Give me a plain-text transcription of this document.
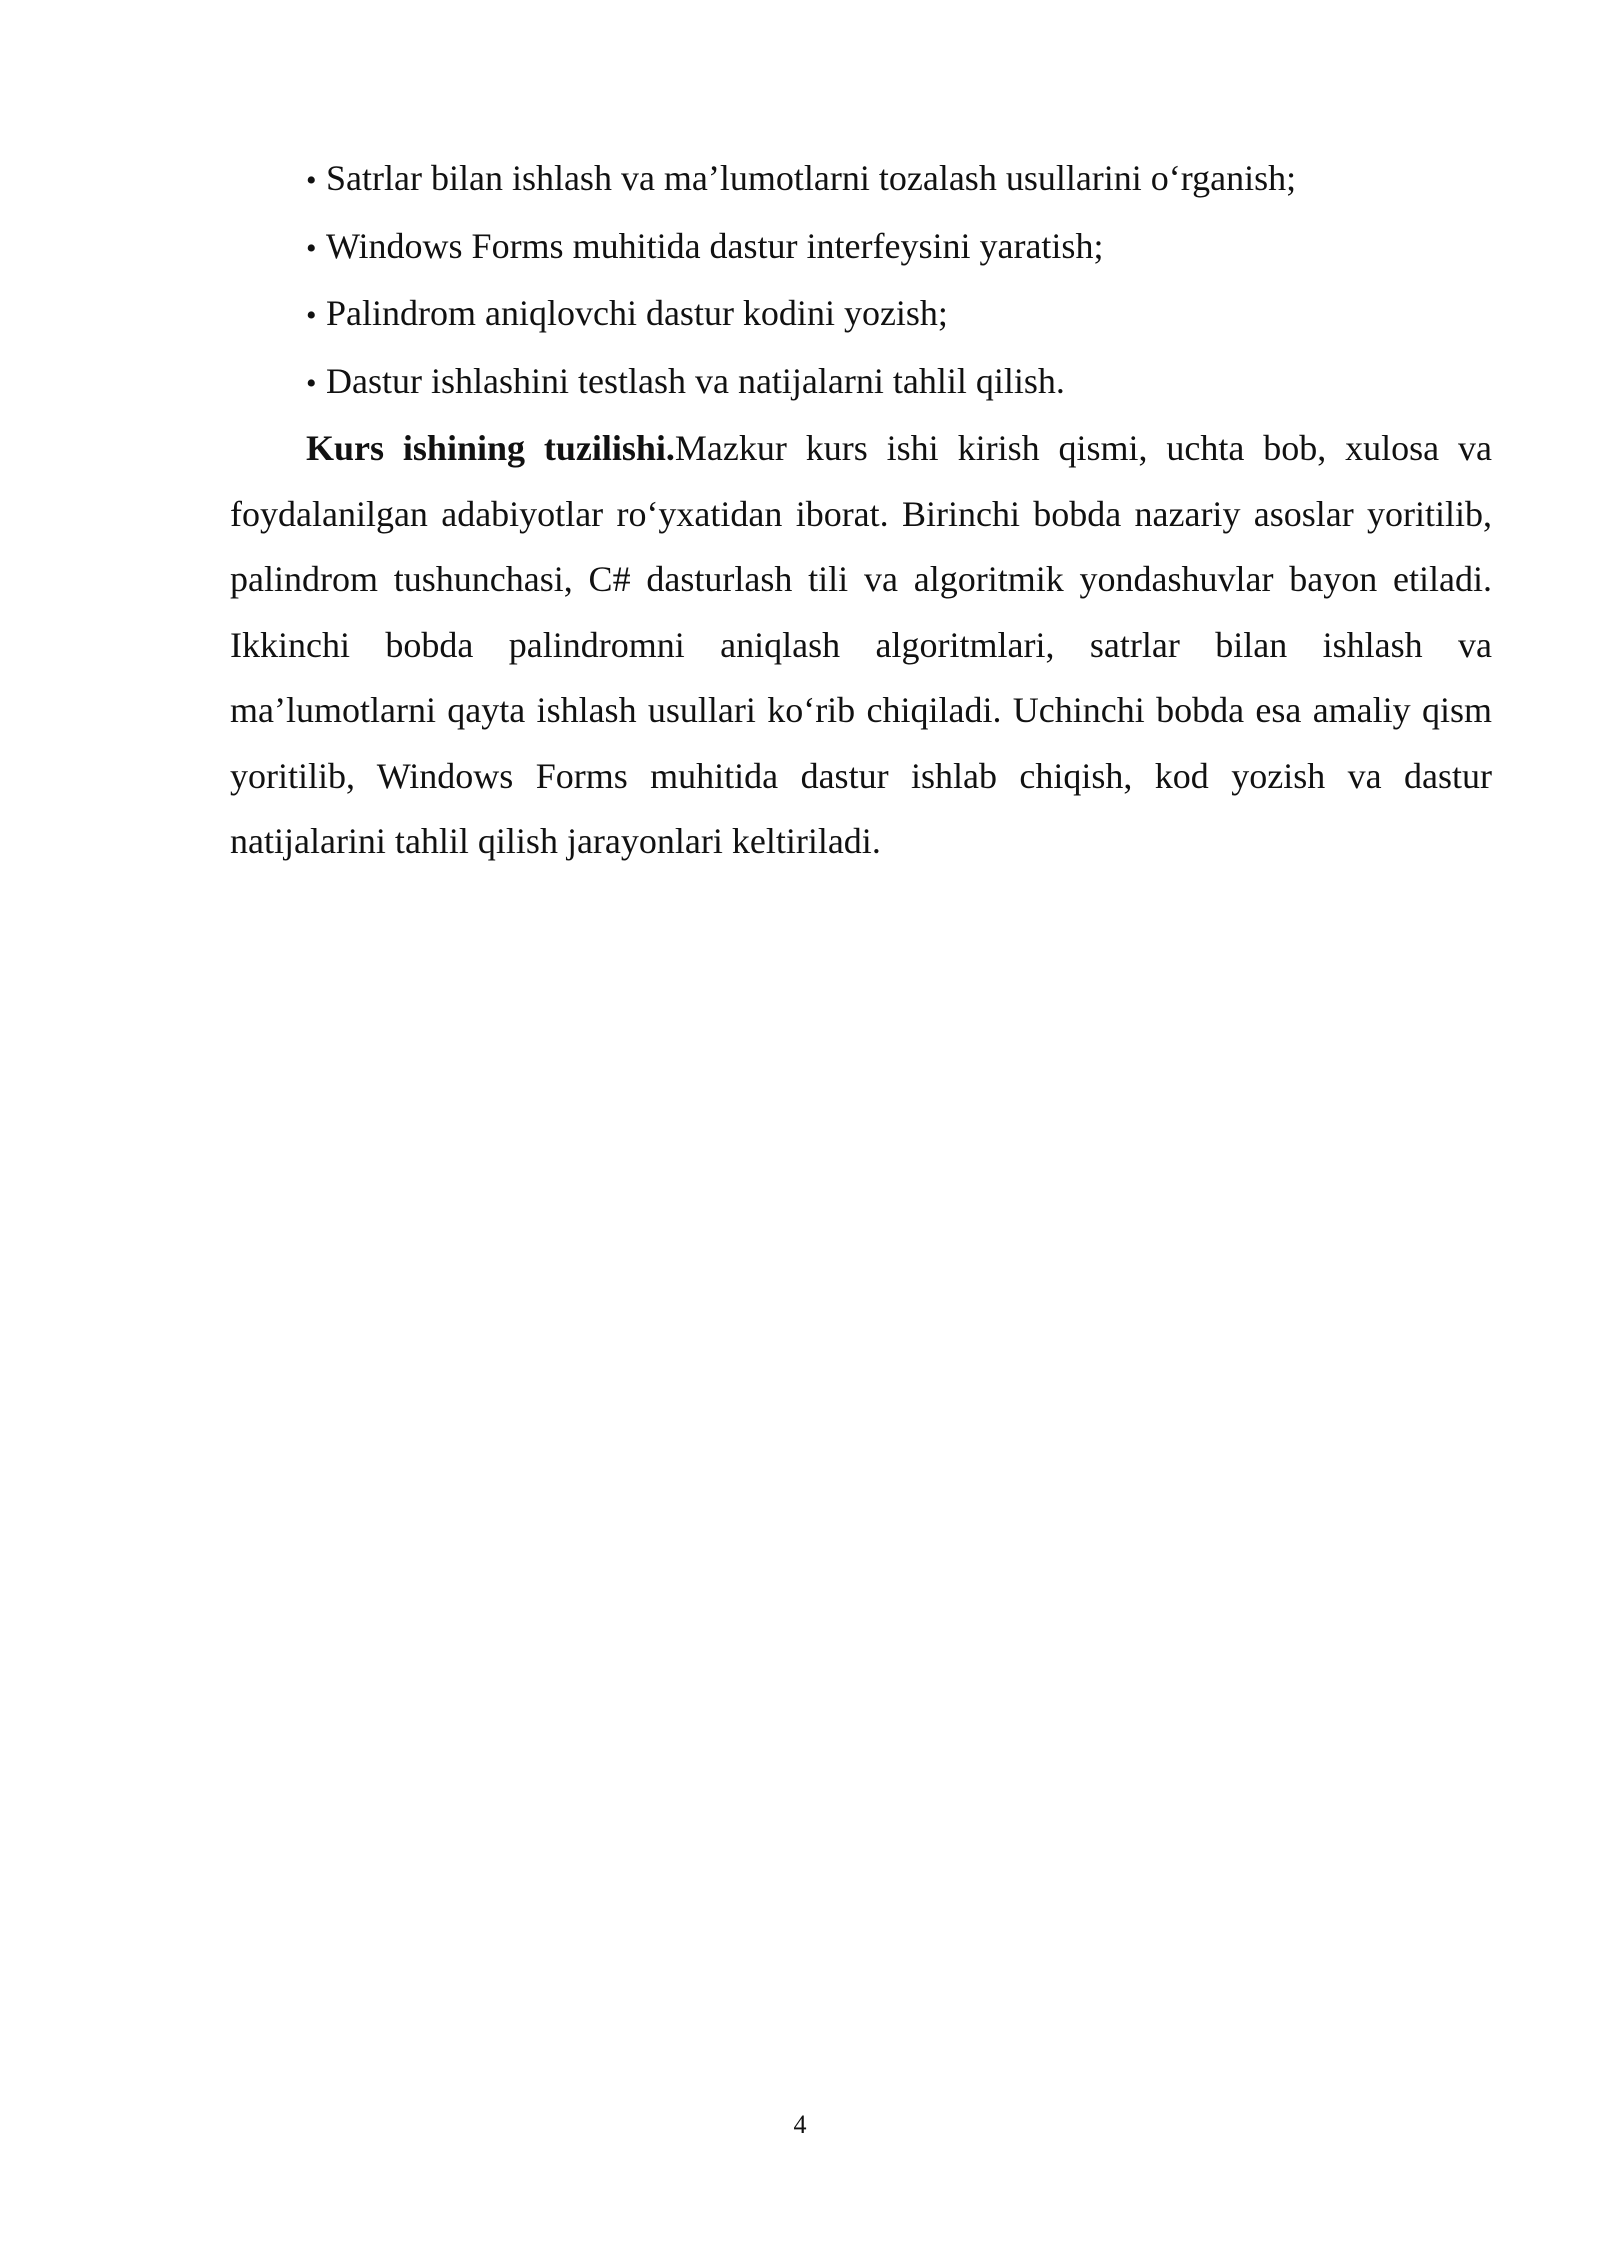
• Satrlar bilan ishlash va ma’lumotlarni tozalash usullarini o‘rganish;
• Windows Forms muhitida dastur interfeysini yaratish;
• Palindrom aniqlovchi dastur kodini yozish;
• Dastur ishlashini testlash va natijalarni tahlil qilish.

Kurs ishining tuzilishi.Mazkur kurs ishi kirish qismi, uchta bob, xulosa va foydalanilgan adabiyotlar ro‘yxatidan iborat. Birinchi bobda nazariy asoslar yoritilib, palindrom tushunchasi, C# dasturlash tili va algoritmik yondashuvlar bayon etiladi. Ikkinchi bobda palindromni aniqlash algoritmlari, satrlar bilan ishlash va ma’lumotlarni qayta ishlash usullari ko‘rib chiqiladi. Uchinchi bobda esa amaliy qism yoritilib, Windows Forms muhitida dastur ishlab chiqish, kod yozish va dastur natijalarini tahlil qilish jarayonlari keltiriladi.

4
